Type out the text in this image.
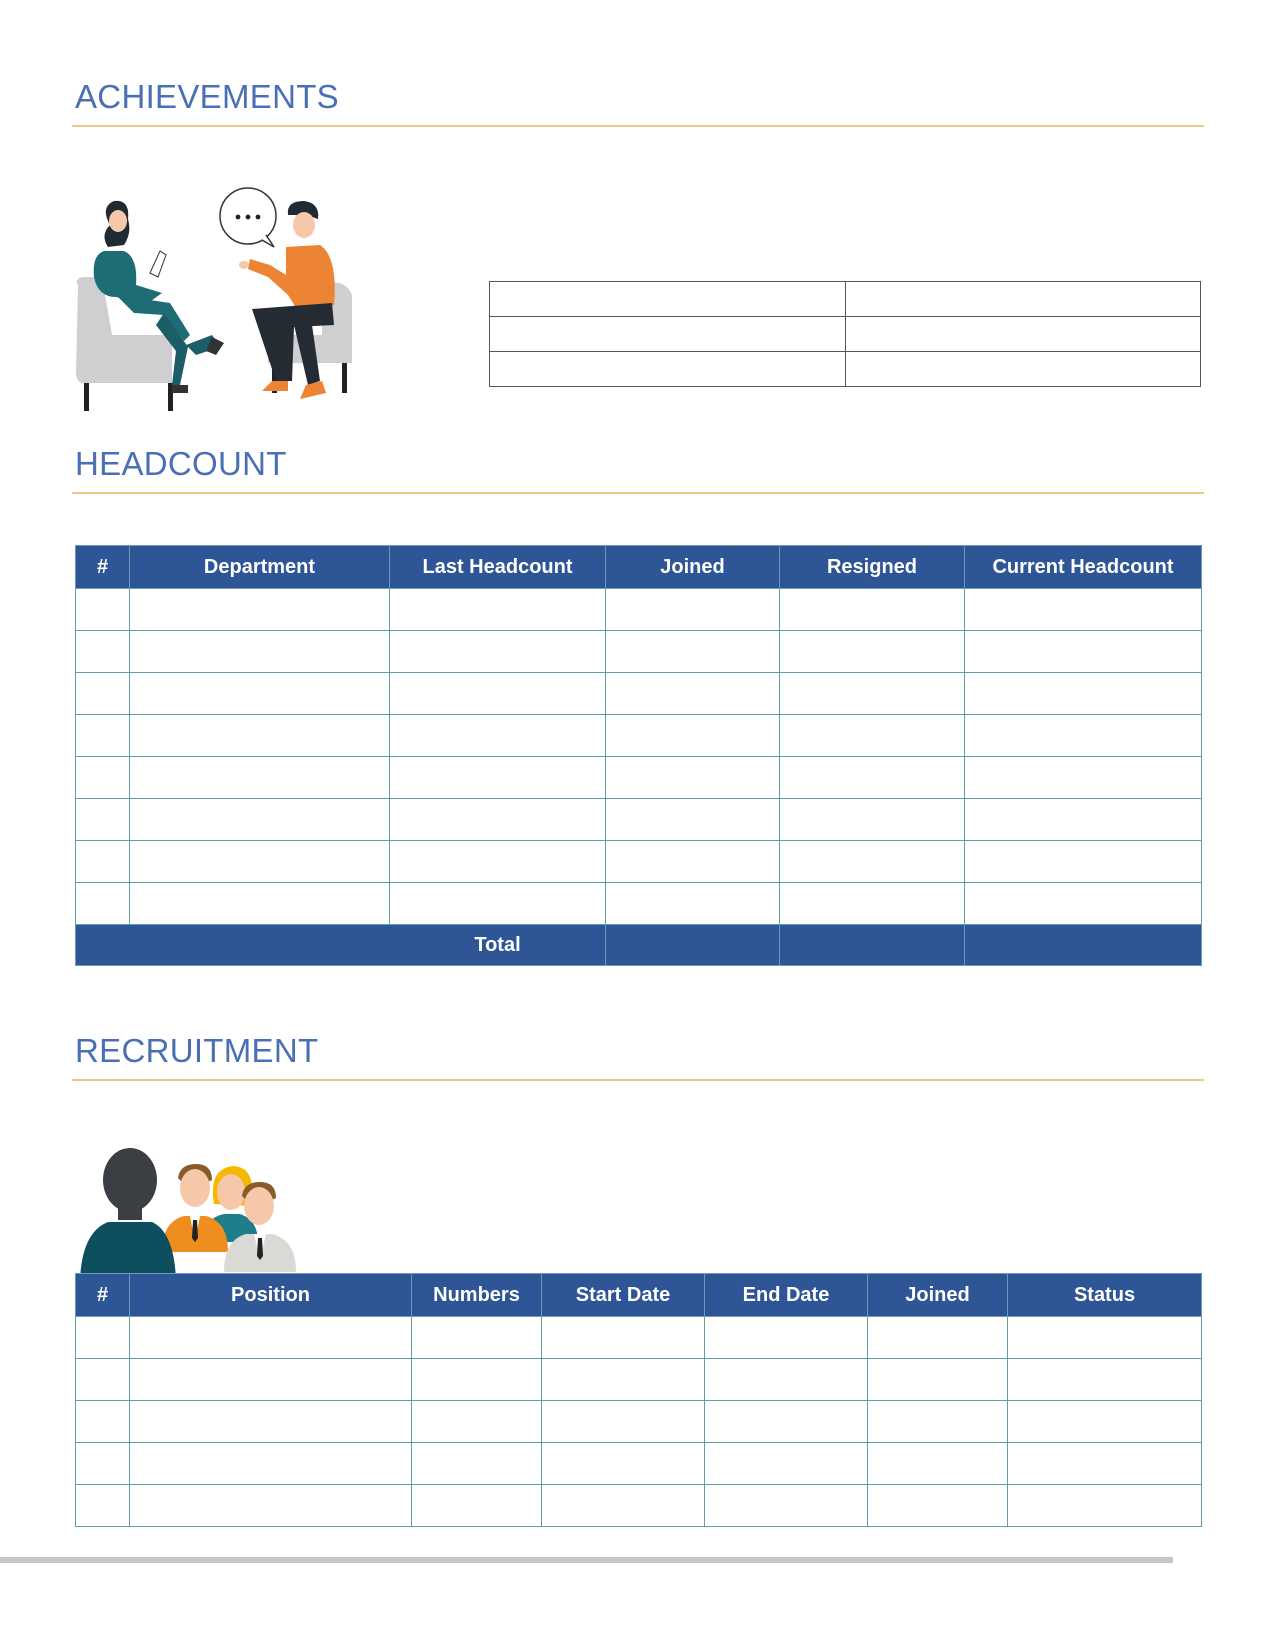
ACHIEVEMENTS

HEADCOUNT
#	Department	Last Headcount	Joined	Resigned	Current Headcount

		Total			
RECRUITMENT
#	Position	Numbers	Start Date	End Date	Joined	Status
